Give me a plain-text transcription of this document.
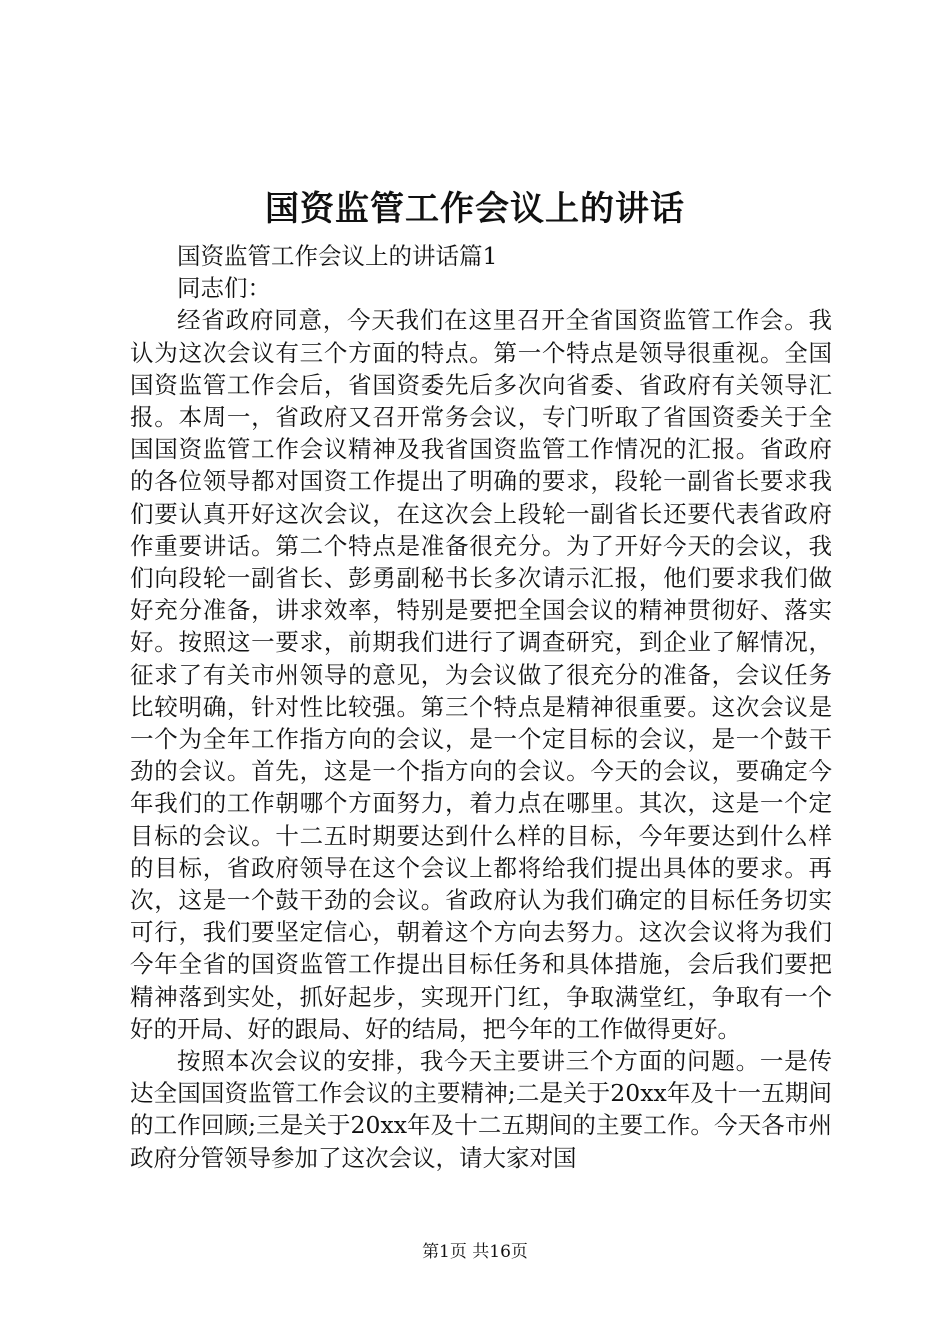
国资监管工作会议上的讲话

国资监管工作会议上的讲话篇1

同志们：

经省政府同意，今天我们在这里召开全省国资监管工作会。我认为这次会议有三个方面的特点。第一个特点是领导很重视。全国国资监管工作会后，省国资委先后多次向省委、省政府有关领导汇报。本周一，省政府又召开常务会议，专门听取了省国资委关于全国国资监管工作会议精神及我省国资监管工作情况的汇报。省政府的各位领导都对国资工作提出了明确的要求，段轮一副省长要求我们要认真开好这次会议，在这次会上段轮一副省长还要代表省政府作重要讲话。第二个特点是准备很充分。为了开好今天的会议，我们向段轮一副省长、彭勇副秘书长多次请示汇报，他们要求我们做好充分准备，讲求效率，特别是要把全国会议的精神贯彻好、落实好。按照这一要求，前期我们进行了调查研究，到企业了解情况，征求了有关市州领导的意见，为会议做了很充分的准备，会议任务比较明确，针对性比较强。第三个特点是精神很重要。这次会议是一个为全年工作指方向的会议，是一个定目标的会议，是一个鼓干劲的会议。首先，这是一个指方向的会议。今天的会议，要确定今年我们的工作朝哪个方面努力，着力点在哪里。其次，这是一个定目标的会议。十二五时期要达到什么样的目标，今年要达到什么样的目标，省政府领导在这个会议上都将给我们提出具体的要求。再次，这是一个鼓干劲的会议。省政府认为我们确定的目标任务切实可行，我们要坚定信心，朝着这个方向去努力。这次会议将为我们今年全省的国资监管工作提出目标任务和具体措施，会后我们要把精神落到实处，抓好起步，实现开门红，争取满堂红，争取有一个好的开局、好的跟局、好的结局，把今年的工作做得更好。

按照本次会议的安排，我今天主要讲三个方面的问题。一是传达全国国资监管工作会议的主要精神;二是关于20xx年及十一五期间的工作回顾;三是关于20xx年及十二五期间的主要工作。今天各市州政府分管领导参加了这次会议，请大家对国

第1页 共16页
